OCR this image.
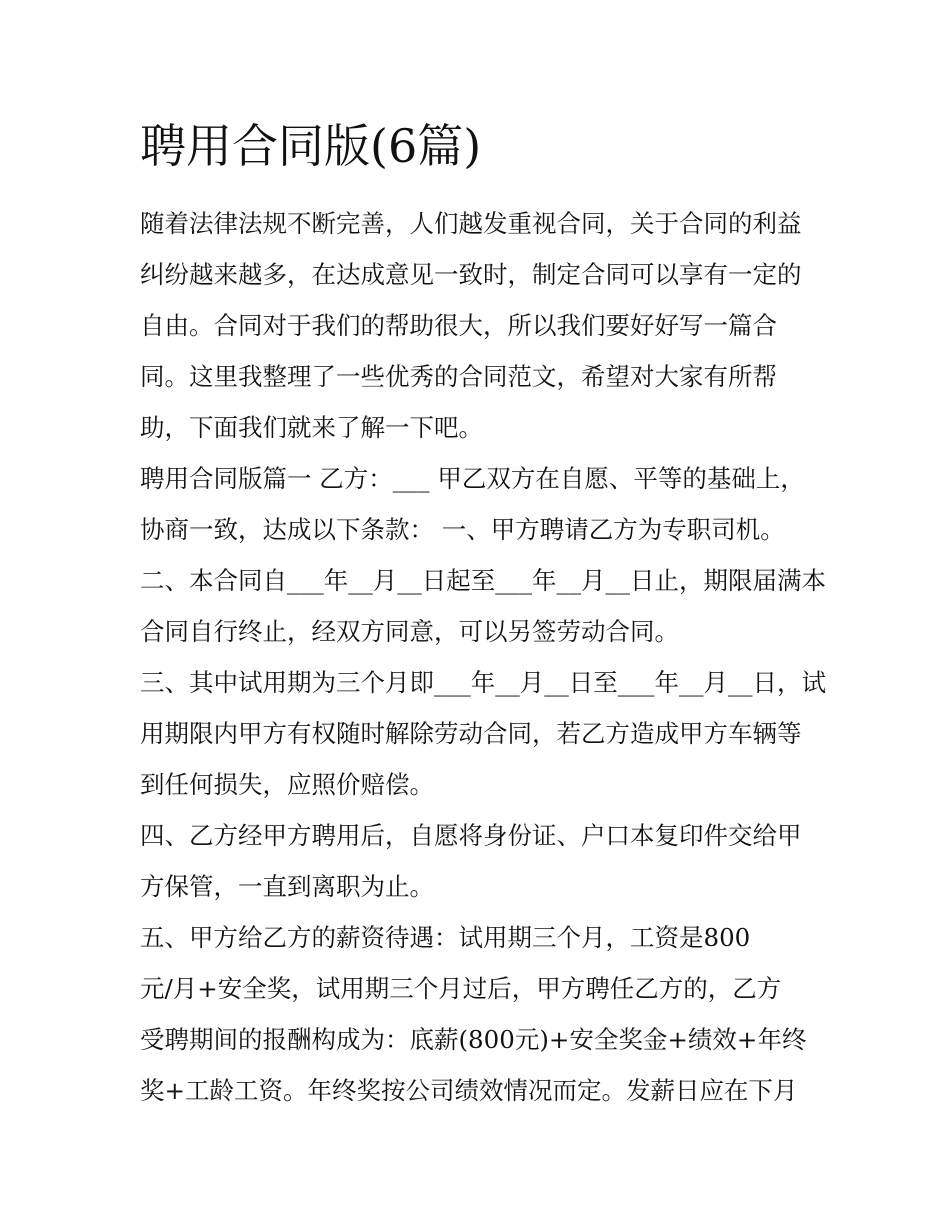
聘用合同版(6篇)
随着法律法规不断完善，人们越发重视合同，关于合同的利益
纠纷越来越多，在达成意见一致时，制定合同可以享有一定的
自由。合同对于我们的帮助很大，所以我们要好好写一篇合
同。这里我整理了一些优秀的合同范文，希望对大家有所帮
助，下面我们就来了解一下吧。
聘用合同版篇一 乙方：___ 甲乙双方在自愿、平等的基础上，
协商一致，达成以下条款： 一、甲方聘请乙方为专职司机。
二、本合同自___年__月__日起至___年__月__日止，期限届满本
合同自行终止，经双方同意，可以另签劳动合同。
三、其中试用期为三个月即___年__月__日至___年__月__日，试
用期限内甲方有权随时解除劳动合同，若乙方造成甲方车辆等
到任何损失，应照价赔偿。
四、乙方经甲方聘用后，自愿将身份证、户口本复印件交给甲
方保管，一直到离职为止。
五、甲方给乙方的薪资待遇：试用期三个月，工资是800
元/月+安全奖，试用期三个月过后，甲方聘任乙方的，乙方
受聘期间的报酬构成为：底薪(800元)+安全奖金+绩效+年终
奖+工龄工资。年终奖按公司绩效情况而定。发薪日应在下月
